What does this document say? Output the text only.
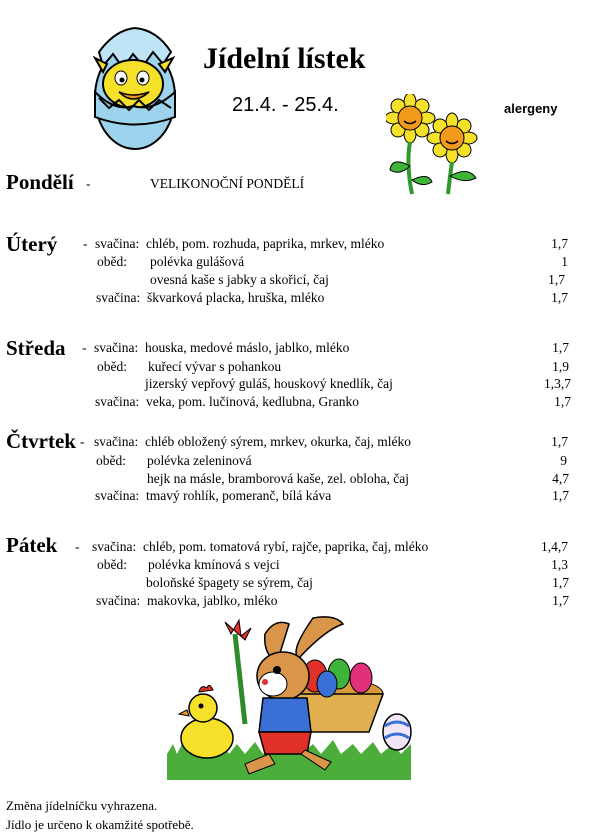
Jídelní lístek
21.4. - 25.4.	alergeny
Pondělí -	VELIKONOČNÍ PONDĚLÍ
Úterý - svačina: chléb, pom. rozhuda, paprika, mrkev, mléko	1,7
oběd: polévka gulášová	1
ovesná kaše s jabky a skořicí, čaj	1,7
svačina: škvarková placka, hruška, mléko	1,7
Středa - svačina: houska, medové máslo, jablko, mléko	1,7
oběd: kuřecí vývar s pohankou	1,9
jizerský vepřový guláš, houskový knedlík, čaj	1,3,7
svačina: veka, pom. lučinová, kedlubna, Granko	1,7
Čtvrtek - svačina: chléb obložený sýrem, mrkev, okurka, čaj, mléko	1,7
oběd: polévka zeleninová	9
hejk na másle, bramborová kaše, zel. obloha, čaj	4,7
svačina: tmavý rohlík, pomeranč, bílá káva	1,7
Pátek - svačina: chléb, pom. tomatová rybí, rajče, paprika, čaj, mléko	1,4,7
oběd: polévka kmínová s vejci	1,3
boloňské špagety se sýrem, čaj	1,7
svačina: makovka, jablko, mléko	1,7
Změna jídelníčku vyhrazena.
Jídlo je určeno k okamžité spotřebě.
